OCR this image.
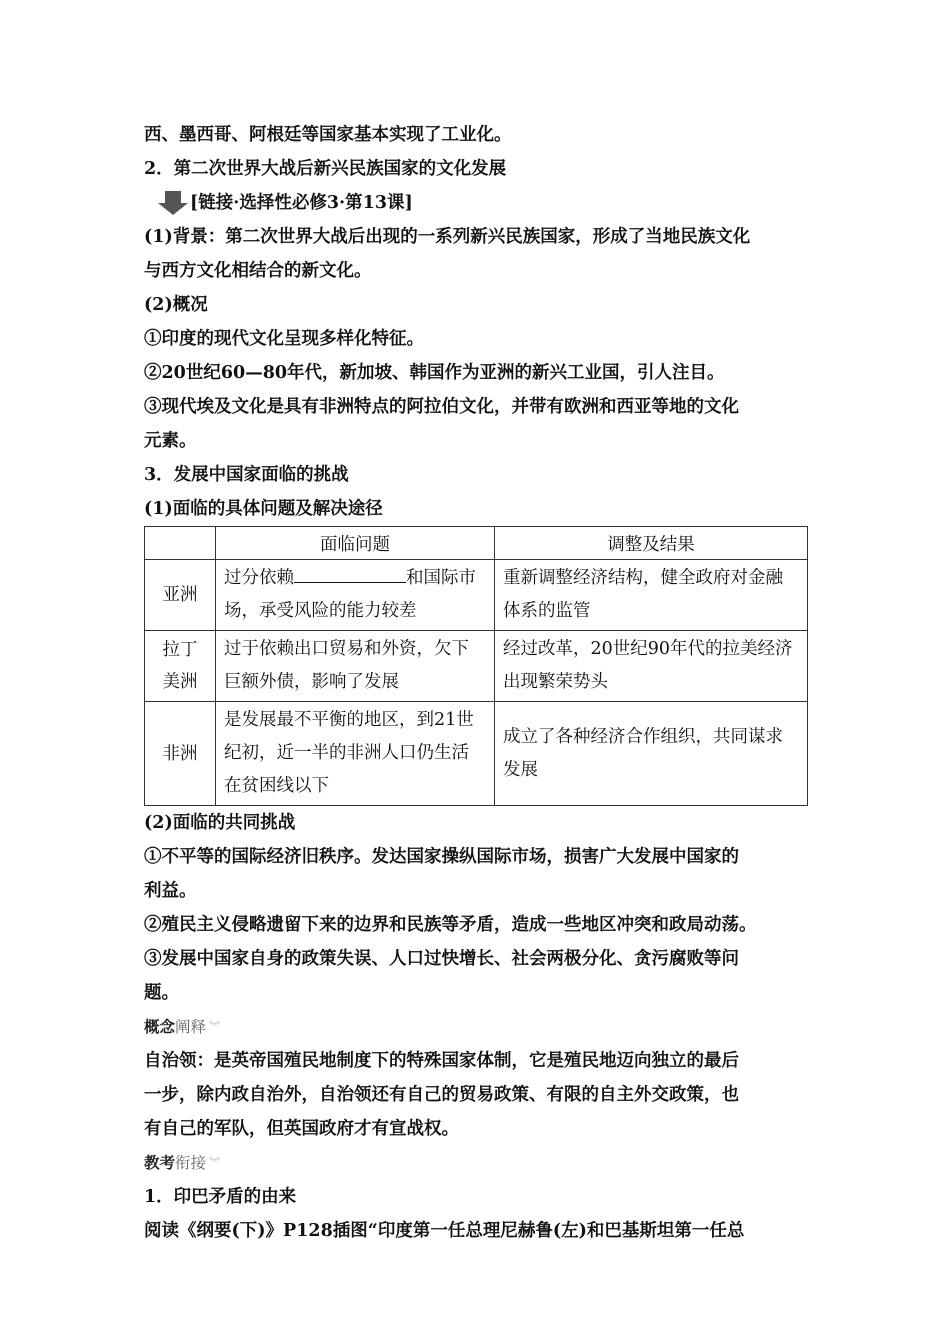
西、墨西哥、阿根廷等国家基本实现了工业化。

2．第二次世界大战后新兴民族国家的文化发展

[链接·选择性必修3·第13课]

(1)背景：第二次世界大战后出现的一系列新兴民族国家，形成了当地民族文化

与西方文化相结合的新文化。

(2)概况

①印度的现代文化呈现多样化特征。

②20世纪60—80年代，新加坡、韩国作为亚洲的新兴工业国，引人注目。

③现代埃及文化是具有非洲特点的阿拉伯文化，并带有欧洲和西亚等地的文化

元素。

3．发展中国家面临的挑战

(1)面临的具体问题及解决途径

	面临问题	调整及结果
亚洲	过分依赖 和国际市场，承受风险的能力较差	重新调整经济结构，健全政府对金融体系的监管
拉丁
美洲	过于依赖出口贸易和外资，欠下巨额外债，影响了发展	经过改革，20世纪90年代的拉美经济出现繁荣势头
非洲	是发展最不平衡的地区，到21世纪初，近一半的非洲人口仍生活在贫困线以下	成立了各种经济合作组织，共同谋求发展

(2)面临的共同挑战

①不平等的国际经济旧秩序。发达国家操纵国际市场，损害广大发展中国家的

利益。

②殖民主义侵略遗留下来的边界和民族等矛盾，造成一些地区冲突和政局动荡。

③发展中国家自身的政策失误、人口过快增长、社会两极分化、贪污腐败等问

题。

概念 阐释 ︾

自治领：是英帝国殖民地制度下的特殊国家体制，它是殖民地迈向独立的最后

一步，除内政自治外，自治领还有自己的贸易政策、有限的自主外交政策，也

有自己的军队，但英国政府才有宣战权。

教考 衔接 ︾

1．印巴矛盾的由来

阅读《纲要(下)》P128插图“印度第一任总理尼赫鲁(左)和巴基斯坦第一任总
